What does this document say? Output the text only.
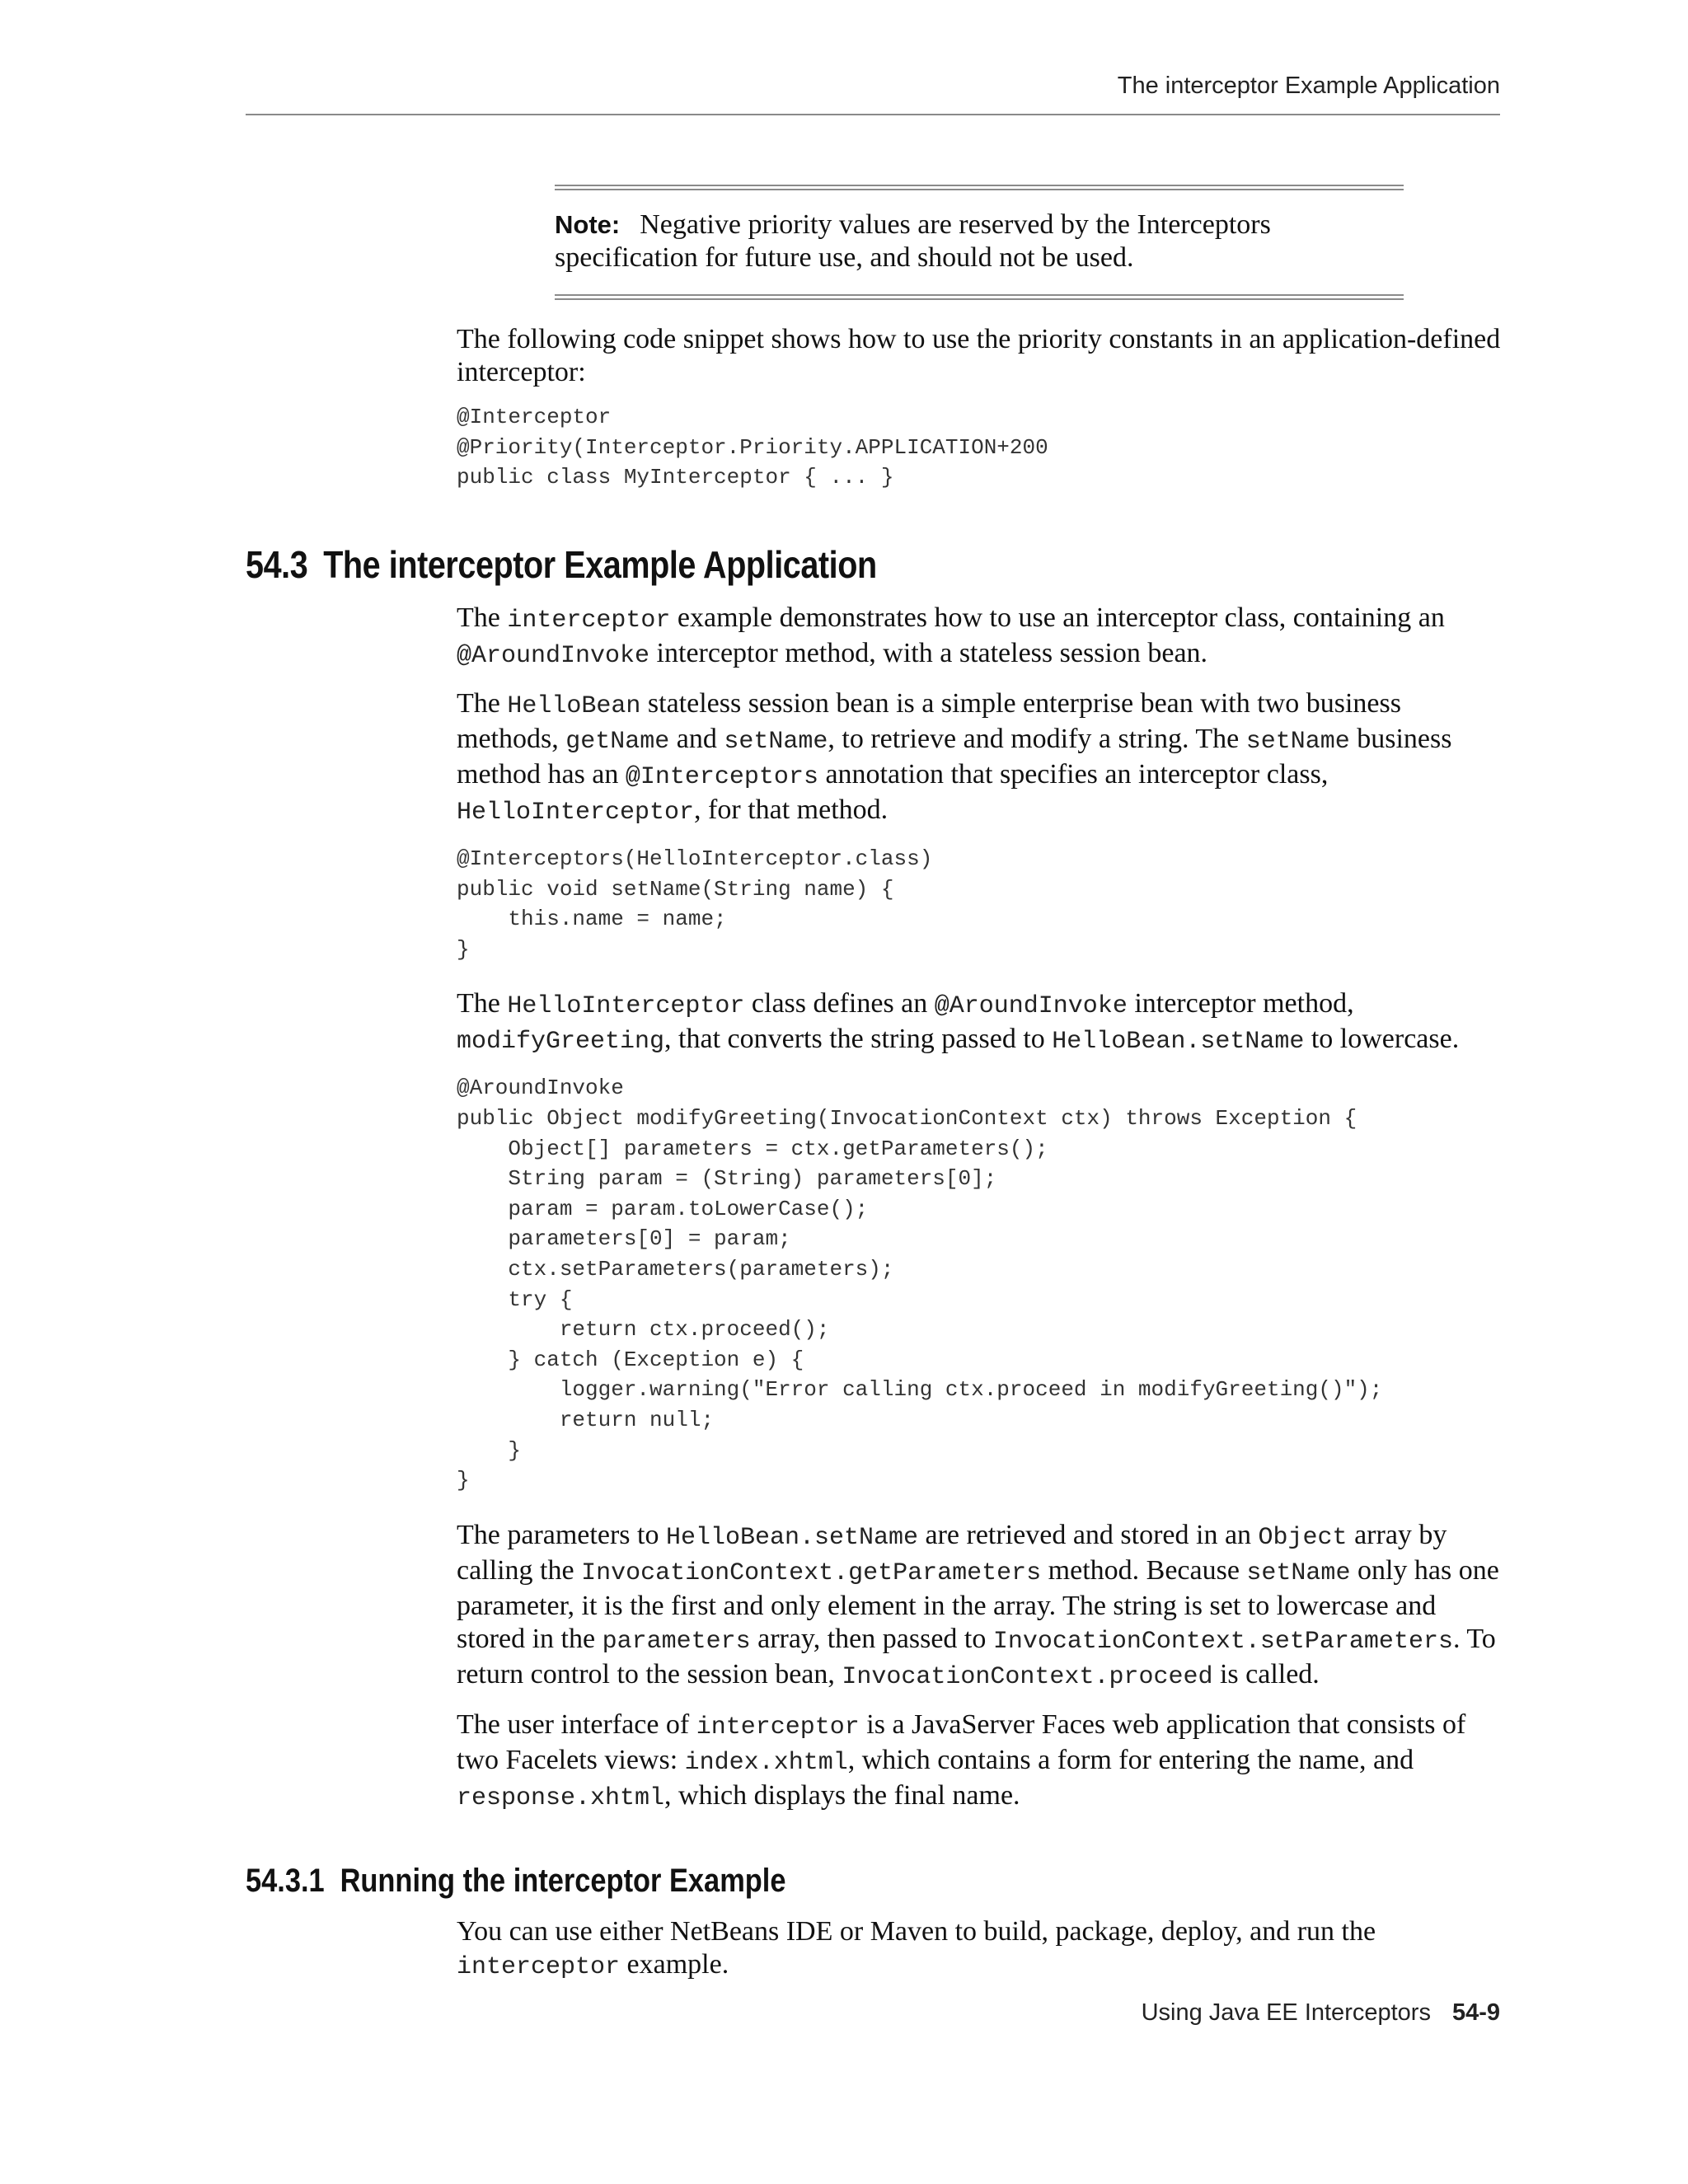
The interceptor Example Application
Note: Negative priority values are reserved by the Interceptors specification for future use, and should not be used.

The following code snippet shows how to use the priority constants in an application-defined interceptor:

@Interceptor
@Priority(Interceptor.Priority.APPLICATION+200
public class MyInterceptor { ... }
54.3 The interceptor Example Application

The interceptor example demonstrates how to use an interceptor class, containing an @AroundInvoke interceptor method, with a stateless session bean.

The HelloBean stateless session bean is a simple enterprise bean with two business methods, getName and setName, to retrieve and modify a string. The setName business method has an @Interceptors annotation that specifies an interceptor class, HelloInterceptor, for that method.

@Interceptors(HelloInterceptor.class)
public void setName(String name) {
this.name = name;
}

The HelloInterceptor class defines an @AroundInvoke interceptor method, modifyGreeting, that converts the string passed to HelloBean.setName to lowercase.

@AroundInvoke
public Object modifyGreeting(InvocationContext ctx) throws Exception {
Object[] parameters = ctx.getParameters();
String param = (String) parameters[0];
param = param.toLowerCase();
parameters[0] = param;
ctx.setParameters(parameters);
try {
return ctx.proceed();
} catch (Exception e) {
logger.warning("Error calling ctx.proceed in modifyGreeting()");
return null;
}
}

The parameters to HelloBean.setName are retrieved and stored in an Object array by calling the InvocationContext.getParameters method. Because setName only has one parameter, it is the first and only element in the array. The string is set to lowercase and stored in the parameters array, then passed to InvocationContext.setParameters. To return control to the session bean, InvocationContext.proceed is called.

The user interface of interceptor is a JavaServer Faces web application that consists of two Facelets views: index.xhtml, which contains a form for entering the name, and response.xhtml, which displays the final name.

54.3.1 Running the interceptor Example

You can use either NetBeans IDE or Maven to build, package, deploy, and run the interceptor example.

Using Java EE Interceptors 54-9
